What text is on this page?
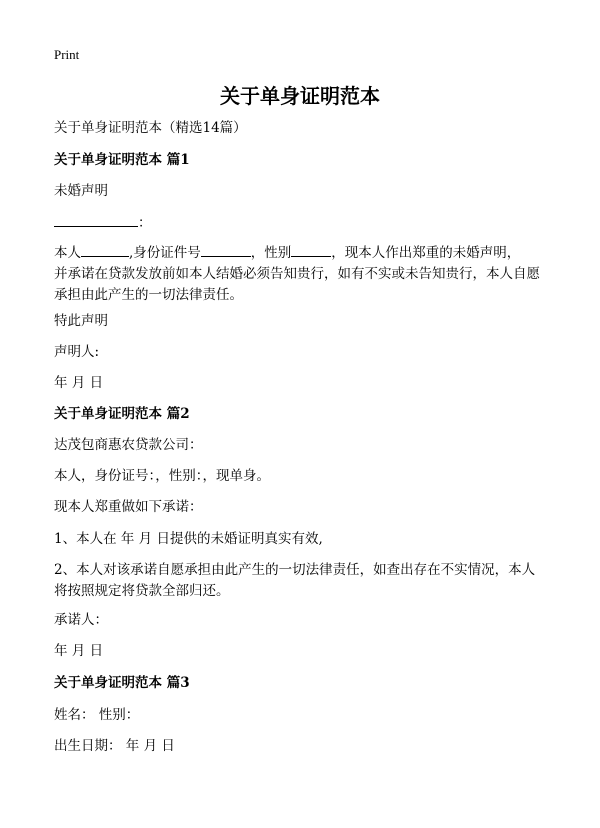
Print
关于单身证明范本

关于单身证明范本（精选14篇）

关于单身证明范本 篇1

未婚声明

：

本人	,身份证件号	，性别	，现本人作出郑重的未婚声明，
并承诺在贷款发放前如本人结婚必须告知贵行，如有不实或未告知贵行，本人自愿
承担由此产生的一切法律责任。

特此声明

声明人:

年 月 日

关于单身证明范本 篇2

达茂包商惠农贷款公司：

本人，身份证号：，性别：，现单身。

现本人郑重做如下承诺：

1、本人在 年 月 日提供的未婚证明真实有效,

2、本人对该承诺自愿承担由此产生的一切法律责任，如查出存在不实情况，本人
将按照规定将贷款全部归还。

承诺人：

年 月 日

关于单身证明范本 篇3

姓名： 性别：

出生日期： 年 月 日
